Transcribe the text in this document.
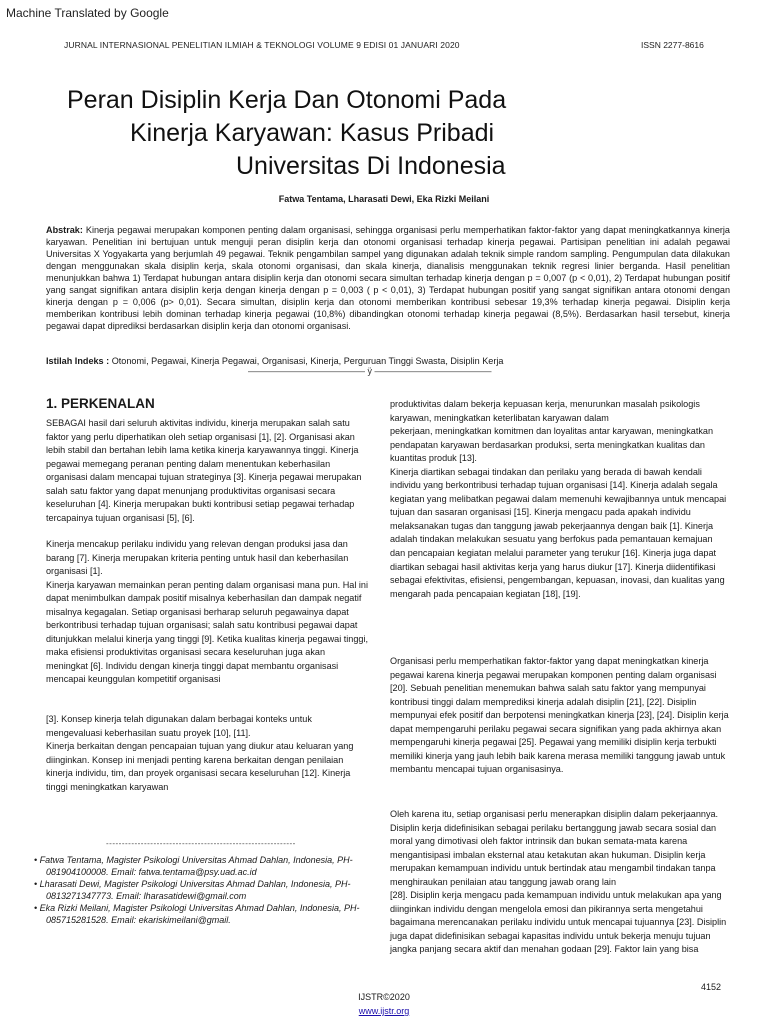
Machine Translated by Google
JURNAL INTERNASIONAL PENELITIAN ILMIAH & TEKNOLOGI VOLUME 9 EDISI 01 JANUARI 2020	ISSN 2277-8616
Peran Disiplin Kerja Dan Otonomi Pada
Kinerja Karyawan: Kasus Pribadi
Universitas Di Indonesia
Fatwa Tentama, Lharasati Dewi, Eka Rizki Meilani
Abstrak: Kinerja pegawai merupakan komponen penting dalam organisasi, sehingga organisasi perlu memperhatikan faktor-faktor yang dapat meningkatkannya kinerja karyawan. Penelitian ini bertujuan untuk menguji peran disiplin kerja dan otonomi organisasi terhadap kinerja pegawai. Partisipan penelitian ini adalah pegawai Universitas X Yogyakarta yang berjumlah 49 pegawai. Teknik pengambilan sampel yang digunakan adalah teknik simple random sampling. Pengumpulan data dilakukan dengan menggunakan skala disiplin kerja, skala otonomi organisasi, dan skala kinerja, dianalisis menggunakan teknik regresi linier berganda. Hasil penelitian menunjukkan bahwa 1) Terdapat hubungan antara disiplin kerja dan otonomi secara simultan terhadap kinerja dengan p = 0,007 (p < 0,01), 2) Terdapat hubungan positif yang sangat signifikan antara disiplin kerja dengan kinerja dengan p = 0,003 ( p < 0,01), 3) Terdapat hubungan positif yang sangat signifikan antara otonomi dengan kinerja dengan p = 0,006 (p> 0,01). Secara simultan, disiplin kerja dan otonomi memberikan kontribusi sebesar 19,3% terhadap kinerja pegawai. Disiplin kerja memberikan kontribusi lebih dominan terhadap kinerja pegawai (10,8%) dibandingkan otonomi terhadap kinerja pegawai (8,5%). Berdasarkan hasil tersebut, kinerja pegawai dapat diprediksi berdasarkan disiplin kerja dan otonomi organisasi.
Istilah Indeks : Otonomi, Pegawai, Kinerja Pegawai, Organisasi, Kinerja, Perguruan Tinggi Swasta, Disiplin Kerja
————————————— ÿ —————————————
1. PERKENALAN
SEBAGAI hasil dari seluruh aktivitas individu, kinerja merupakan salah satu faktor yang perlu diperhatikan oleh setiap organisasi [1], [2]. Organisasi akan lebih stabil dan bertahan lebih lama ketika kinerja karyawannya tinggi. Kinerja pegawai memegang peranan penting dalam menentukan keberhasilan organisasi dalam mencapai tujuan strateginya [3]. Kinerja pegawai merupakan salah satu faktor yang dapat menunjang produktivitas organisasi secara keseluruhan [4]. Kinerja merupakan bukti kontribusi setiap pegawai terhadap tercapainya tujuan organisasi [5], [6].
Kinerja mencakup perilaku individu yang relevan dengan produksi jasa dan barang [7]. Kinerja merupakan kriteria penting untuk hasil dan keberhasilan organisasi [1].
Kinerja karyawan memainkan peran penting dalam organisasi mana pun. Hal ini dapat menimbulkan dampak positif misalnya keberhasilan dan dampak negatif misalnya kegagalan. Setiap organisasi berharap seluruh pegawainya dapat berkontribusi terhadap tujuan organisasi; salah satu kontribusi pegawai dapat ditunjukkan melalui kinerja yang tinggi [9]. Ketika kualitas kinerja pegawai tinggi, maka efisiensi produktivitas organisasi secara keseluruhan juga akan meningkat [6]. Individu dengan kinerja tinggi dapat membantu organisasi mencapai keunggulan kompetitif organisasi
[3]. Konsep kinerja telah digunakan dalam berbagai konteks untuk mengevaluasi keberhasilan suatu proyek [10], [11].
Kinerja berkaitan dengan pencapaian tujuan yang diukur atau keluaran yang diinginkan. Konsep ini menjadi penting karena berkaitan dengan penilaian kinerja individu, tim, dan proyek organisasi secara keseluruhan [12]. Kinerja tinggi meningkatkan karyawan
------------------------------------------------------------
• Fatwa Tentama, Magister Psikologi Universitas Ahmad Dahlan, Indonesia, PH-081904100008. Email: fatwa.tentama@psy.uad.ac.id
• Lharasati Dewi, Magister Psikologi Universitas Ahmad Dahlan, Indonesia, PH-0813271347773. Email: lharasatidewi@gmail.com
• Eka Rizki Meilani, Magister Psikologi Universitas Ahmad Dahlan, Indonesia, PH-085715281528. Email: ekariskimeilani@gmail.
produktivitas dalam bekerja kepuasan kerja, menurunkan masalah psikologis karyawan, meningkatkan keterlibatan karyawan dalam
pekerjaan, meningkatkan komitmen dan loyalitas antar karyawan, meningkatkan pendapatan karyawan berdasarkan produksi, serta meningkatkan kualitas dan kuantitas produk [13].
Kinerja diartikan sebagai tindakan dan perilaku yang berada di bawah kendali individu yang berkontribusi terhadap tujuan organisasi [14]. Kinerja adalah segala kegiatan yang melibatkan pegawai dalam memenuhi kewajibannya untuk mencapai tujuan dan sasaran organisasi [15]. Kinerja mengacu pada apakah individu melaksanakan tugas dan tanggung jawab pekerjaannya dengan baik [1]. Kinerja adalah tindakan melakukan sesuatu yang berfokus pada pemantauan kemajuan dan pencapaian kegiatan melalui parameter yang terukur [16]. Kinerja juga dapat diartikan sebagai hasil aktivitas kerja yang harus diukur [17]. Kinerja diidentifikasi sebagai efektivitas, efisiensi, pengembangan, kepuasan, inovasi, dan kualitas yang mengarah pada pencapaian kegiatan [18], [19].
Organisasi perlu memperhatikan faktor-faktor yang dapat meningkatkan kinerja pegawai karena kinerja pegawai merupakan komponen penting dalam organisasi [20]. Sebuah penelitian menemukan bahwa salah satu faktor yang mempunyai kontribusi tinggi dalam memprediksi kinerja adalah disiplin [21], [22]. Disiplin mempunyai efek positif dan berpotensi meningkatkan kinerja [23], [24]. Disiplin kerja dapat mempengaruhi perilaku pegawai secara signifikan yang pada akhirnya akan mempengaruhi kinerja pegawai [25]. Pegawai yang memiliki disiplin kerja terbukti memiliki kinerja yang jauh lebih baik karena merasa memiliki tanggung jawab untuk membantu mencapai tujuan organisasinya.
Oleh karena itu, setiap organisasi perlu menerapkan disiplin dalam pekerjaannya. Disiplin kerja didefinisikan sebagai perilaku bertanggung jawab secara sosial dan moral yang dimotivasi oleh faktor intrinsik dan bukan semata-mata karena mengantisipasi imbalan eksternal atau ketakutan akan hukuman. Disiplin kerja merupakan kemampuan individu untuk bertindak atau mengambil tindakan tanpa menghiraukan penilaian atau tanggung jawab orang lain
[28]. Disiplin kerja mengacu pada kemampuan individu untuk melakukan apa yang diinginkan individu dengan mengelola emosi dan pikirannya serta mengetahui bagaimana merencanakan perilaku individu untuk mencapai tujuannya [23]. Disiplin juga dapat didefinisikan sebagai kapasitas individu untuk bekerja menuju tujuan jangka panjang secara aktif dan menahan godaan [29]. Faktor lain yang bisa
4152
IJSTR©2020
www.ijstr.org
